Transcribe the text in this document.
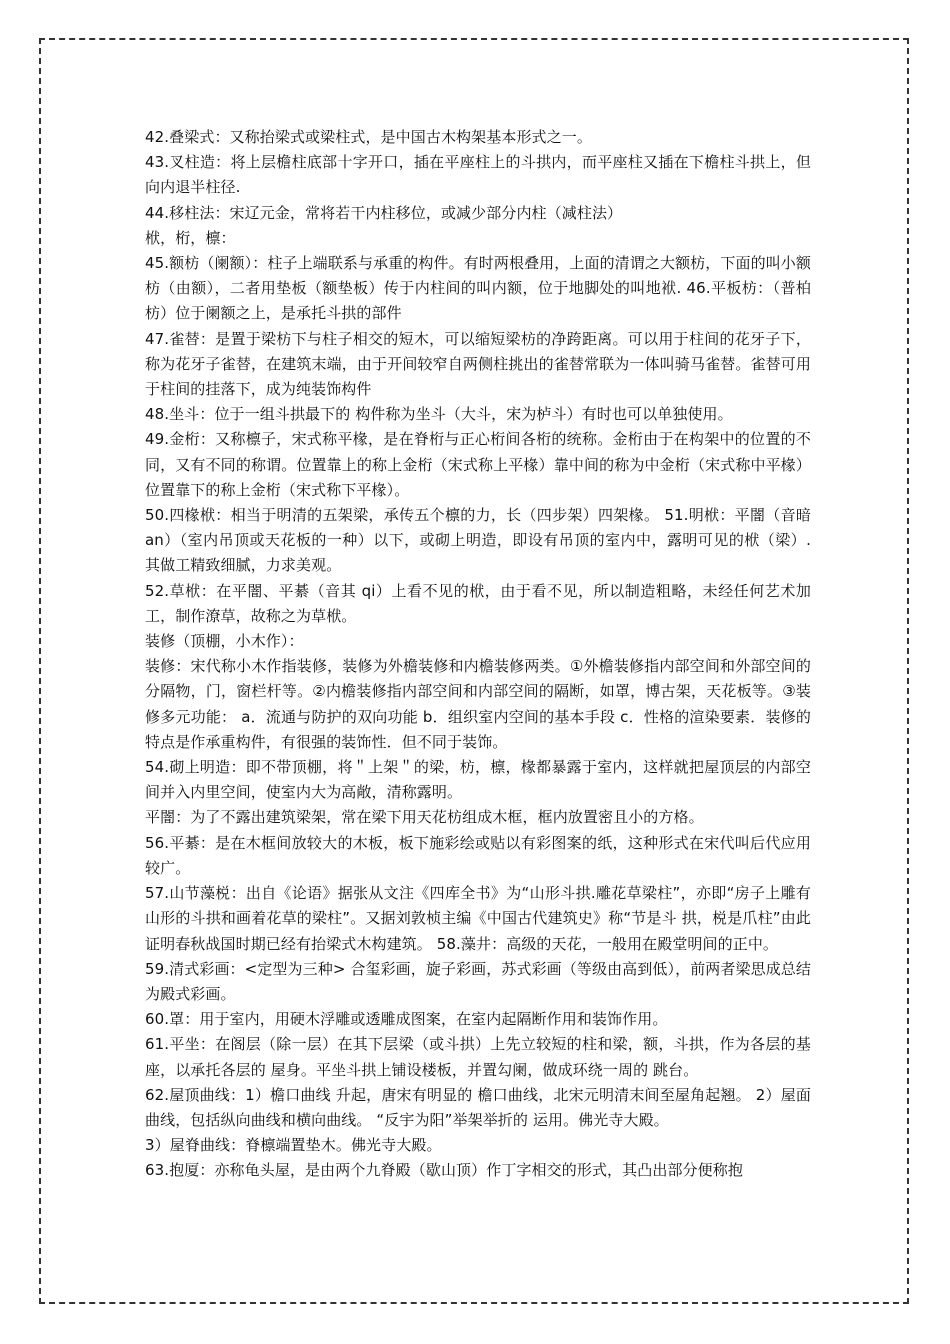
42.叠梁式：又称抬梁式或梁柱式，是中国古木构架基本形式之一。

43.叉柱造：将上层檐柱底部十字开口，插在平座柱上的斗拱内，而平座柱又插在下檐柱斗拱上，但向内退半柱径.

44.移柱法：宋辽元金，常将若干内柱移位，或减少部分内柱（减柱法）

栿，桁，檩：

45.额枋（阑额）：柱子上端联系与承重的构件。有时两根叠用，上面的清谓之大额枋，下面的叫小额枋（由额），二者用垫板（额垫板）传于内柱间的叫内额，位于地脚处的叫地袱. 46.平板枋：（普柏枋）位于阑额之上，是承托斗拱的部件

47.雀替：是置于梁枋下与柱子相交的短木，可以缩短梁枋的净跨距离。可以用于柱间的花牙子下，称为花牙子雀替，在建筑末端，由于开间较窄自两侧柱挑出的雀替常联为一体叫骑马雀替。雀替可用于柱间的挂落下，成为纯装饰构件

48.坐斗：位于一组斗拱最下的 构件称为坐斗（大斗，宋为栌斗）有时也可以单独使用。

49.金桁：又称檩子，宋式称平椽，是在脊桁与正心桁间各桁的统称。金桁由于在构架中的位置的不同，又有不同的称谓。位置靠上的称上金桁（宋式称上平椽）靠中间的称为中金桁（宋式称中平椽）位置靠下的称上金桁（宋式称下平椽）。

50.四椽栿：相当于明清的五架梁，承传五个檩的力，长（四步架）四架椽。 51.明栿：平闇（音暗 an）（室内吊顶或天花板的一种）以下，或砌上明造，即设有吊顶的室内中，露明可见的栿（梁）. 其做工精致细腻，力求美观。

52.草栿：在平闇、平綦（音其 qi）上看不见的栿，由于看不见，所以制造粗略，未经任何艺术加工，制作潦草，故称之为草栿。

装修（顶棚，小木作）：

装修：宋代称小木作指装修，装修为外檐装修和内檐装修两类。①外檐装修指内部空间和外部空间的分隔物，门，窗栏杆等。②内檐装修指内部空间和内部空间的隔断，如罩，博古架，天花板等。③装修多元功能： a．流通与防护的双向功能 b．组织室内空间的基本手段 c．性格的渲染要素．装修的特点是作承重构件，有很强的装饰性．但不同于装饰。

54.砌上明造：即不带顶棚，将＂上架＂的梁，枋，檩，椽都暴露于室内，这样就把屋顶层的内部空间并入内里空间，使室内大为高敞，清称露明。

平闇：为了不露出建筑梁架，常在梁下用天花枋组成木框，框内放置密且小的方格。

56.平綦：是在木框间放较大的木板，板下施彩绘或贴以有彩图案的纸，这种形式在宋代叫后代应用较广。

57.山节藻棁：出自《论语》据张从文注《四库全书》为“山形斗拱.雕花草梁柱”，亦即“房子上雕有山形的斗拱和画着花草的梁柱”。又据刘敦桢主编《中国古代建筑史》称“节是斗 拱，棁是爪柱”由此证明春秋战国时期已经有抬梁式木构建筑。 58.藻井：高级的天花，一般用在殿堂明间的正中。

59.清式彩画：<定型为三种> 合玺彩画，旋子彩画，苏式彩画（等级由高到低），前两者梁思成总结为殿式彩画。

60.罩：用于室内，用硬木浮雕或透雕成图案，在室内起隔断作用和装饰作用。

61.平坐：在阁层（除一层）在其下层梁（或斗拱）上先立较短的柱和梁，额，斗拱，作为各层的基座，以承托各层的 屋身。平坐斗拱上铺设楼板，并置勾阑，做成环绕一周的 跳台。

62.屋顶曲线：1）檐口曲线 升起，唐宋有明显的 檐口曲线，北宋元明清末间至屋角起翘。 2）屋面曲线，包括纵向曲线和横向曲线。 “反宇为阳”举架举折的 运用。佛光寺大殿。

3）屋脊曲线：脊檩端置垫木。佛光寺大殿。

63.抱厦：亦称龟头屋，是由两个九脊殿（歇山顶）作丁字相交的形式，其凸出部分便称抱
